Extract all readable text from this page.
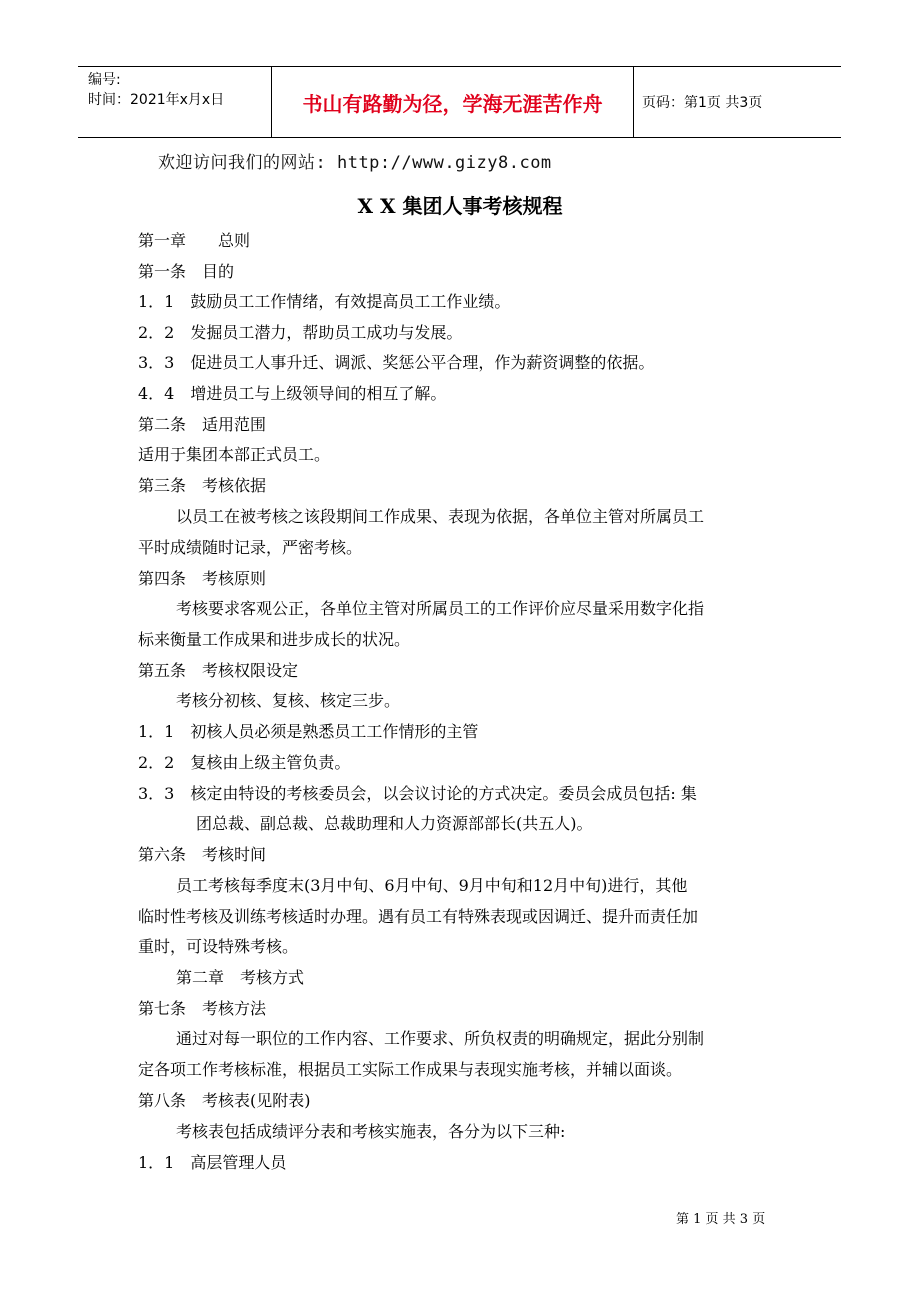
编号:
时间：2021年x月x日	书山有路勤为径，学海无涯苦作舟	页码：第1页 共3页
欢迎访问我们的网站: http://www.gizy8.com
X X 集团人事考核规程
第一章　　总则
第一条　目的
1．1　鼓励员工工作情绪，有效提高员工工作业绩。
2．2　发掘员工潜力，帮助员工成功与发展。
3．3　促进员工人事升迁、调派、奖惩公平合理，作为薪资调整的依据。
4．4　增进员工与上级领导间的相互了解。
第二条　适用范围
适用于集团本部正式员工。
第三条　考核依据
以员工在被考核之该段期间工作成果、表现为依据，各单位主管对所属员工
平时成绩随时记录，严密考核。
第四条　考核原则
考核要求客观公正，各单位主管对所属员工的工作评价应尽量采用数字化指
标来衡量工作成果和进步成长的状况。
第五条　考核权限设定
考核分初核、复核、核定三步。
1．1　初核人员必须是熟悉员工工作情形的主管
2．2　复核由上级主管负责。
3．3　核定由特设的考核委员会，以会议讨论的方式决定。委员会成员包括: 集
团总裁、副总裁、总裁助理和人力资源部部长(共五人)。
第六条　考核时间
员工考核每季度末(3月中旬、6月中旬、9月中旬和12月中旬)进行，其他
临时性考核及训练考核适时办理。遇有员工有特殊表现或因调迁、提升而责任加
重时，可设特殊考核。
第二章　考核方式
第七条　考核方法
通过对每一职位的工作内容、工作要求、所负权责的明确规定，据此分别制
定各项工作考核标准，根据员工实际工作成果与表现实施考核，并辅以面谈。
第八条　考核表(见附表)
考核表包括成绩评分表和考核实施表，各分为以下三种:
1．1　高层管理人员
第 1 页 共 3 页
